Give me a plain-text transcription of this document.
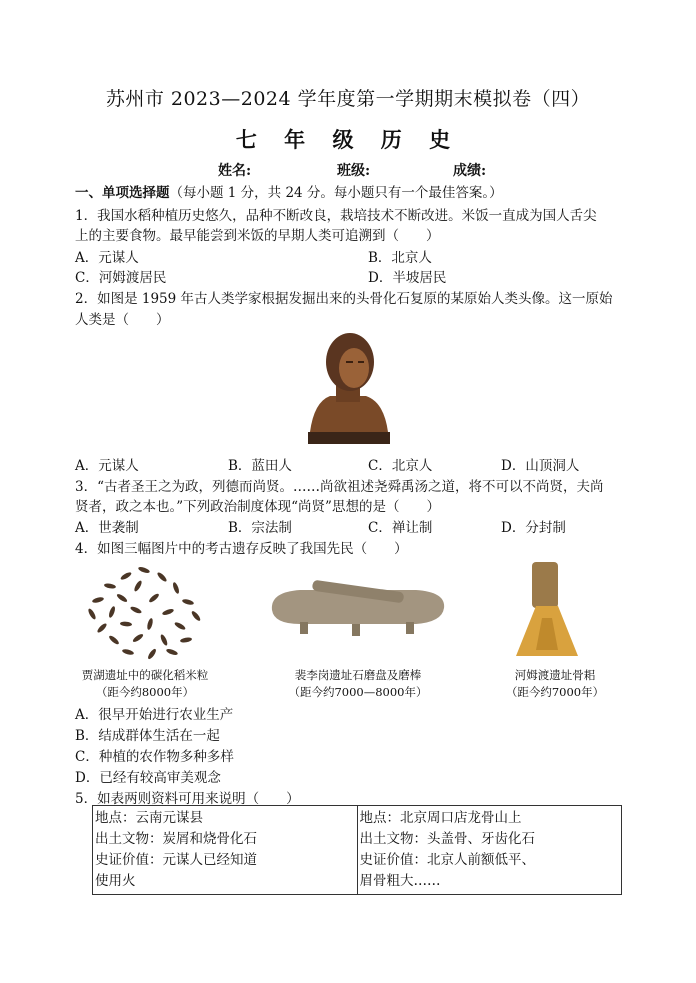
苏州市 2023—2024 学年度第一学期期末模拟卷（四）
七 年 级 历 史
姓名:	班级:	成绩:
一、单项选择题（每小题 1 分，共 24 分。每小题只有一个最佳答案。）
1．我国水稻种植历史悠久，品种不断改良，栽培技术不断改进。米饭一直成为国人舌尖
上的主要食物。最早能尝到米饭的早期人类可追溯到（　　）
A．元谋人	B．北京人
C．河姆渡居民	D．半坡居民
2．如图是 1959 年古人类学家根据发掘出来的头骨化石复原的某原始人类头像。这一原始
人类是（　　）
A．元谋人	B．蓝田人	C．北京人	D．山顶洞人
3．“古者圣王之为政，列德而尚贤。……尚欲祖述尧舜禹汤之道，将不可以不尚贤，夫尚
贤者，政之本也。”下列政治制度体现“尚贤”思想的是（　　）
A．世袭制	B．宗法制	C．禅让制	D．分封制
4．如图三幅图片中的考古遗存反映了我国先民（　　）
贾湖遗址中的碳化稻米粒
（距今约8000年）
裴李岗遗址石磨盘及磨棒
（距今约7000—8000年）
河姆渡遗址骨耜
（距今约7000年）
A．很早开始进行农业生产
B．结成群体生活在一起
C．种植的农作物多种多样
D．已经有较高审美观念
5．如表两则资料可用来说明（　　）
地点：云南元谋县
出土文物：炭屑和烧骨化石
史证价值：元谋人已经知道
使用火

地点：北京周口店龙骨山上
出土文物：头盖骨、牙齿化石
史证价值：北京人前额低平、
眉骨粗大……
